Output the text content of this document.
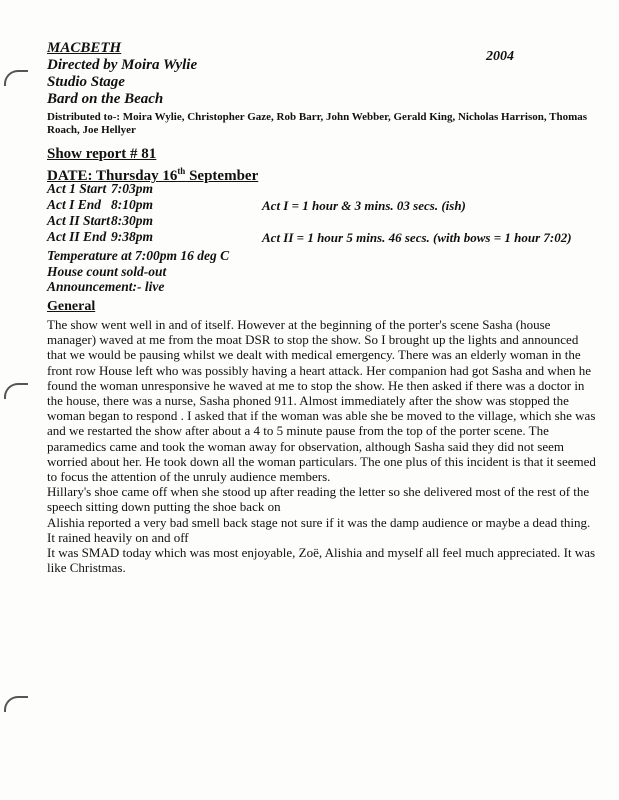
MACBETH
Directed by Moira Wylie
Studio Stage
Bard on the Beach
2004
Distributed to-: Moira Wylie, Christopher Gaze, Rob Barr, John Webber, Gerald King, Nicholas Harrison, Thomas Roach, Joe Hellyer
Show report # 81
DATE: Thursday 16th September
Act 1 Start	7:03pm
Act I End	8:10pm
Act II Start	8:30pm
Act II End	9:38pm
Act I = 1 hour & 3 mins. 03 secs. (ish)
Act II = 1 hour 5 mins. 46 secs. (with bows = 1 hour 7:02)
Temperature at 7:00pm 16 deg C
House count sold-out
Announcement:- live
General

The show went well in and of itself. However at the beginning of the porter's scene Sasha (house

manager) waved at me from the moat DSR to stop the show. So I brought up the lights and announced

that we would be pausing whilst we dealt with medical emergency. There was an elderly woman in the

front row House left who was possibly having a heart attack. Her companion had got Sasha and when he

found the woman unresponsive he waved at me to stop the show. He then asked if there was a doctor in

the house, there was a nurse, Sasha phoned 911. Almost immediately after the show was stopped the

woman began to respond . I asked that if the woman was able she be moved to the village, which she was

and we restarted the show after about a 4 to 5 minute pause from the top of the porter scene. The

paramedics came and took the woman away for observation, although Sasha said they did not seem

worried about her. He took down all the woman particulars. The one plus of this incident is that it seemed

to focus the attention of the unruly audience members.

Hillary's shoe came off when she stood up after reading the letter so she delivered most of the rest of the

speech sitting down putting the shoe back on

Alishia reported a very bad smell back stage not sure if it was the damp audience or maybe a dead thing.

It rained heavily on and off

It was SMAD today which was most enjoyable, Zoë, Alishia and myself all feel much appreciated. It was

like Christmas.
